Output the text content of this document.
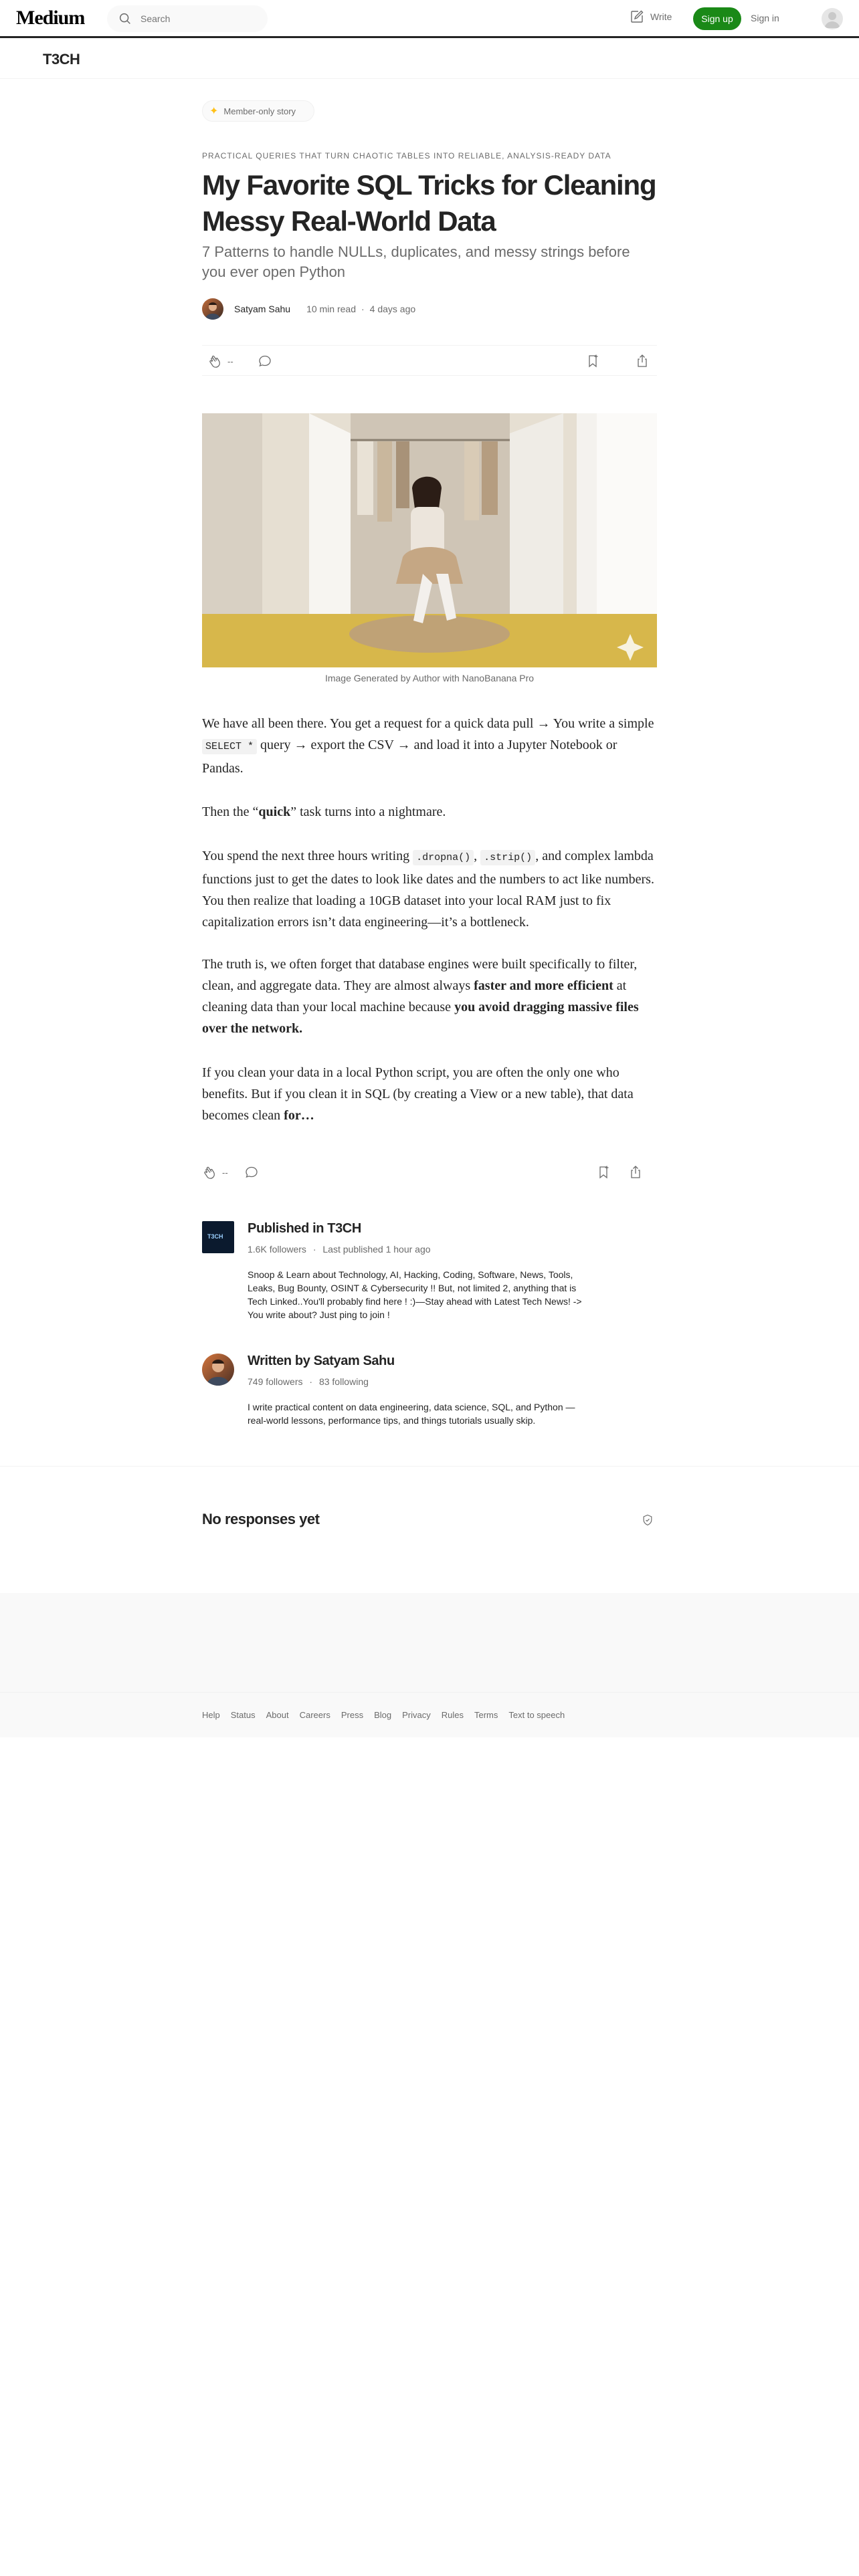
Medium
Search	Write	Sign up	Sign in
T3CH
✦ Member-only story
PRACTICAL QUERIES THAT TURN CHAOTIC TABLES INTO RELIABLE, ANALYSIS-READY DATA
My Favorite SQL Tricks for Cleaning Messy Real-World Data
7 Patterns to handle NULLs, duplicates, and messy strings before you ever open Python
Satyam Sahu 10 min read · 4 days ago
--
Image Generated by Author with NanoBanana Pro

We have all been there. You get a request for a quick data pull → You write a simple SELECT * query → export the CSV → and load it into a Jupyter Notebook or Pandas.

Then the “quick” task turns into a nightmare.

You spend the next three hours writing .dropna() , .strip() , and complex lambda functions just to get the dates to look like dates and the numbers to act like numbers. You then realize that loading a 10GB dataset into your local RAM just to fix capitalization errors isn’t data engineering—it’s a bottleneck.

The truth is, we often forget that database engines were built specifically to filter, clean, and aggregate data. They are almost always faster and more efficient at cleaning data than your local machine because you avoid dragging massive files over the network.

If you clean your data in a local Python script, you are often the only one who benefits. But if you clean it in SQL (by creating a View or a new table), that data becomes clean for…

--
T3CH
Published in T3CH
1.6K followers · Last published 1 hour ago
Snoop & Learn about Technology, AI, Hacking, Coding, Software, News, Tools, Leaks, Bug Bounty, OSINT & Cybersecurity !! But, not limited 2, anything that is Tech Linked..You'll probably find here ! :)—Stay ahead with Latest Tech News! -> You write about? Just ping to join !
Written by Satyam Sahu
749 followers · 83 following
I write practical content on data engineering, data science, SQL, and Python — real-world lessons, performance tips, and things tutorials usually skip.
No responses yet
Help Status About Careers Press Blog Privacy Rules Terms Text to speech
